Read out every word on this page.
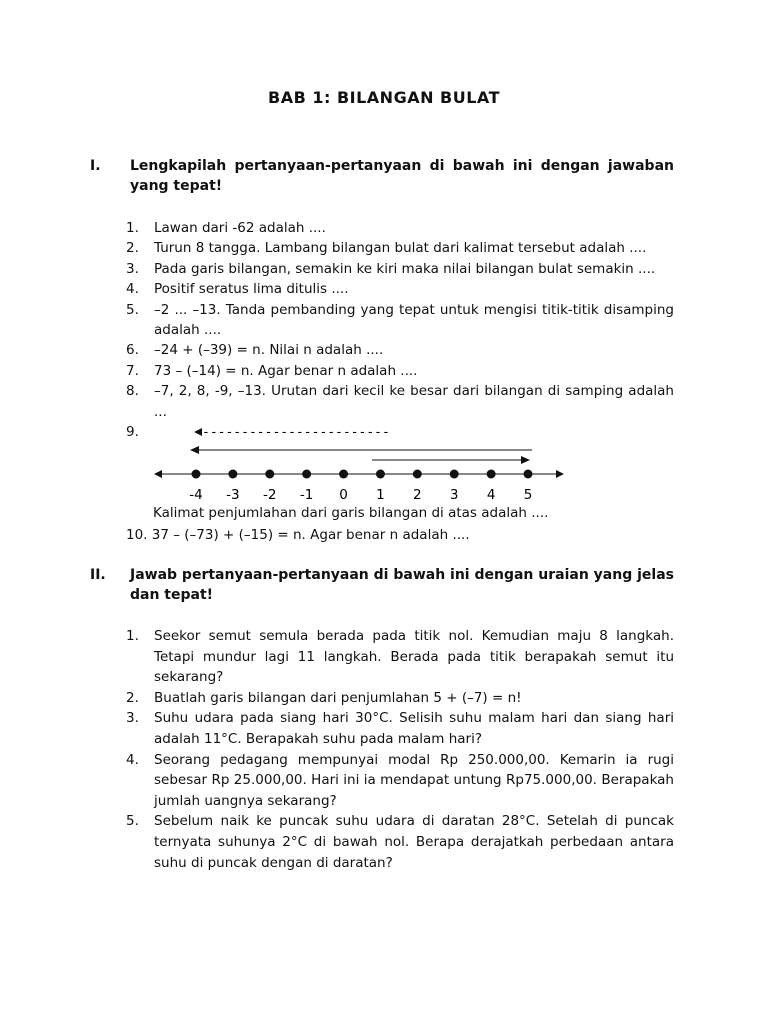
BAB 1: BILANGAN BULAT
I.	Lengkapilah pertanyaan-pertanyaan di bawah ini dengan jawaban yang tepat!
1. Lawan dari -62 adalah ....
2. Turun 8 tangga. Lambang bilangan bulat dari kalimat tersebut adalah ....
3. Pada garis bilangan, semakin ke kiri maka nilai bilangan bulat semakin ....
4. Positif seratus lima ditulis ....
5. –2 ... –13. Tanda pembanding yang tepat untuk mengisi titik-titik disamping adalah ....
6. –24 + (–39) = n. Nilai n adalah ....
7. 73 – (–14) = n. Agar benar n adalah ....
8. –7, 2, 8, -9, –13. Urutan dari kecil ke besar dari bilangan di samping adalah ...
9.	------------------------
-4 -3 -2 -1 0 1 2 3 4 5
Kalimat penjumlahan dari garis bilangan di atas adalah ....
10. 37 – (–73) + (–15) = n. Agar benar n adalah ....
II.	Jawab pertanyaan-pertanyaan di bawah ini dengan uraian yang jelas dan tepat!
1. Seekor semut semula berada pada titik nol. Kemudian maju 8 langkah. Tetapi mundur lagi 11 langkah. Berada pada titik berapakah semut itu sekarang?
2. Buatlah garis bilangan dari penjumlahan 5 + (–7) = n!
3. Suhu udara pada siang hari 30°C. Selisih suhu malam hari dan siang hari adalah 11°C. Berapakah suhu pada malam hari?
4. Seorang pedagang mempunyai modal Rp 250.000,00. Kemarin ia rugi sebesar Rp 25.000,00. Hari ini ia mendapat untung Rp75.000,00. Berapakah jumlah uangnya sekarang?
5. Sebelum naik ke puncak suhu udara di daratan 28°C. Setelah di puncak ternyata suhunya 2°C di bawah nol. Berapa derajatkah perbedaan antara suhu di puncak dengan di daratan?
